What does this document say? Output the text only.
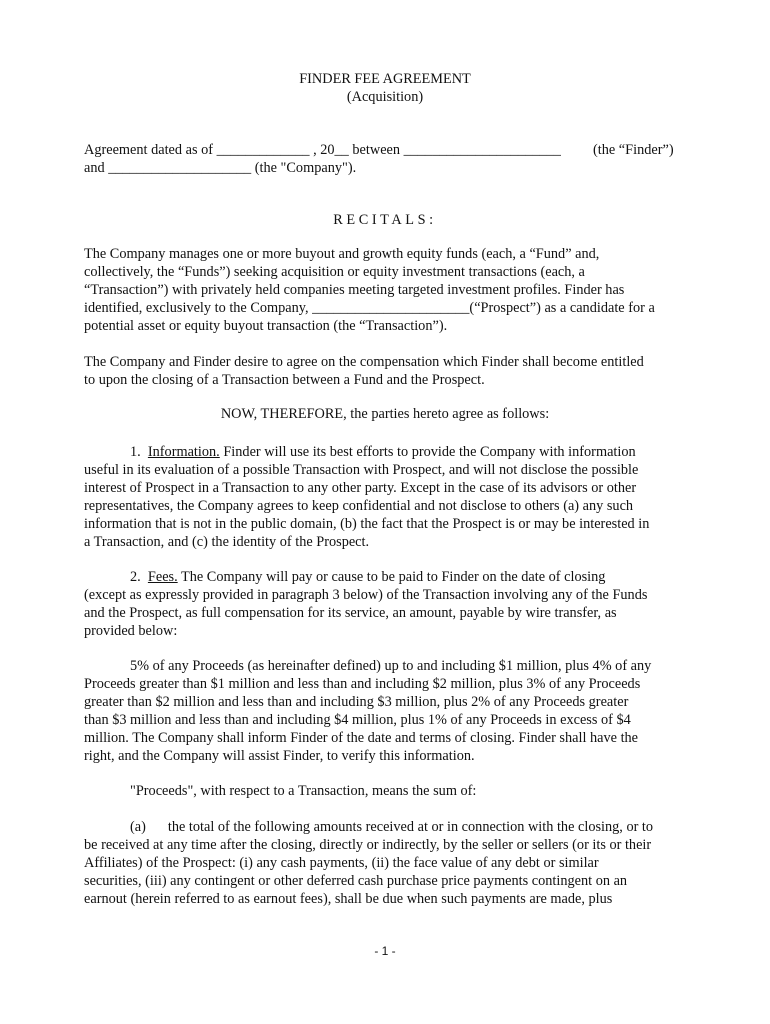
FINDER FEE AGREEMENT
(Acquisition)
Agreement dated as of _____________ , 20__ between ______________________ (the “Finder”)
and ____________________ (the "Company").
RECITALS:
The Company manages one or more buyout and growth equity funds (each, a “Fund” and,
collectively, the “Funds”) seeking acquisition or equity investment transactions (each, a
“Transaction”) with privately held companies meeting targeted investment profiles. Finder has
identified, exclusively to the Company, ______________________(“Prospect”) as a candidate for a
potential asset or equity buyout transaction (the “Transaction”).
The Company and Finder desire to agree on the compensation which Finder shall become entitled
to upon the closing of a Transaction between a Fund and the Prospect.
NOW, THEREFORE, the parties hereto agree as follows:
1. Information. Finder will use its best efforts to provide the Company with information
useful in its evaluation of a possible Transaction with Prospect, and will not disclose the possible
interest of Prospect in a Transaction to any other party. Except in the case of its advisors or other
representatives, the Company agrees to keep confidential and not disclose to others (a) any such
information that is not in the public domain, (b) the fact that the Prospect is or may be interested in
a Transaction, and (c) the identity of the Prospect.
2. Fees. The Company will pay or cause to be paid to Finder on the date of closing
(except as expressly provided in paragraph 3 below) of the Transaction involving any of the Funds
and the Prospect, as full compensation for its service, an amount, payable by wire transfer, as
provided below:
5% of any Proceeds (as hereinafter defined) up to and including $1 million, plus 4% of any
Proceeds greater than $1 million and less than and including $2 million, plus 3% of any Proceeds
greater than $2 million and less than and including $3 million, plus 2% of any Proceeds greater
than $3 million and less than and including $4 million, plus 1% of any Proceeds in excess of $4
million. The Company shall inform Finder of the date and terms of closing. Finder shall have the
right, and the Company will assist Finder, to verify this information.
"Proceeds", with respect to a Transaction, means the sum of:
(a) the total of the following amounts received at or in connection with the closing, or to
be received at any time after the closing, directly or indirectly, by the seller or sellers (or its or their
Affiliates) of the Prospect: (i) any cash payments, (ii) the face value of any debt or similar
securities, (iii) any contingent or other deferred cash purchase price payments contingent on an
earnout (herein referred to as earnout fees), shall be due when such payments are made, plus
- 1 -
